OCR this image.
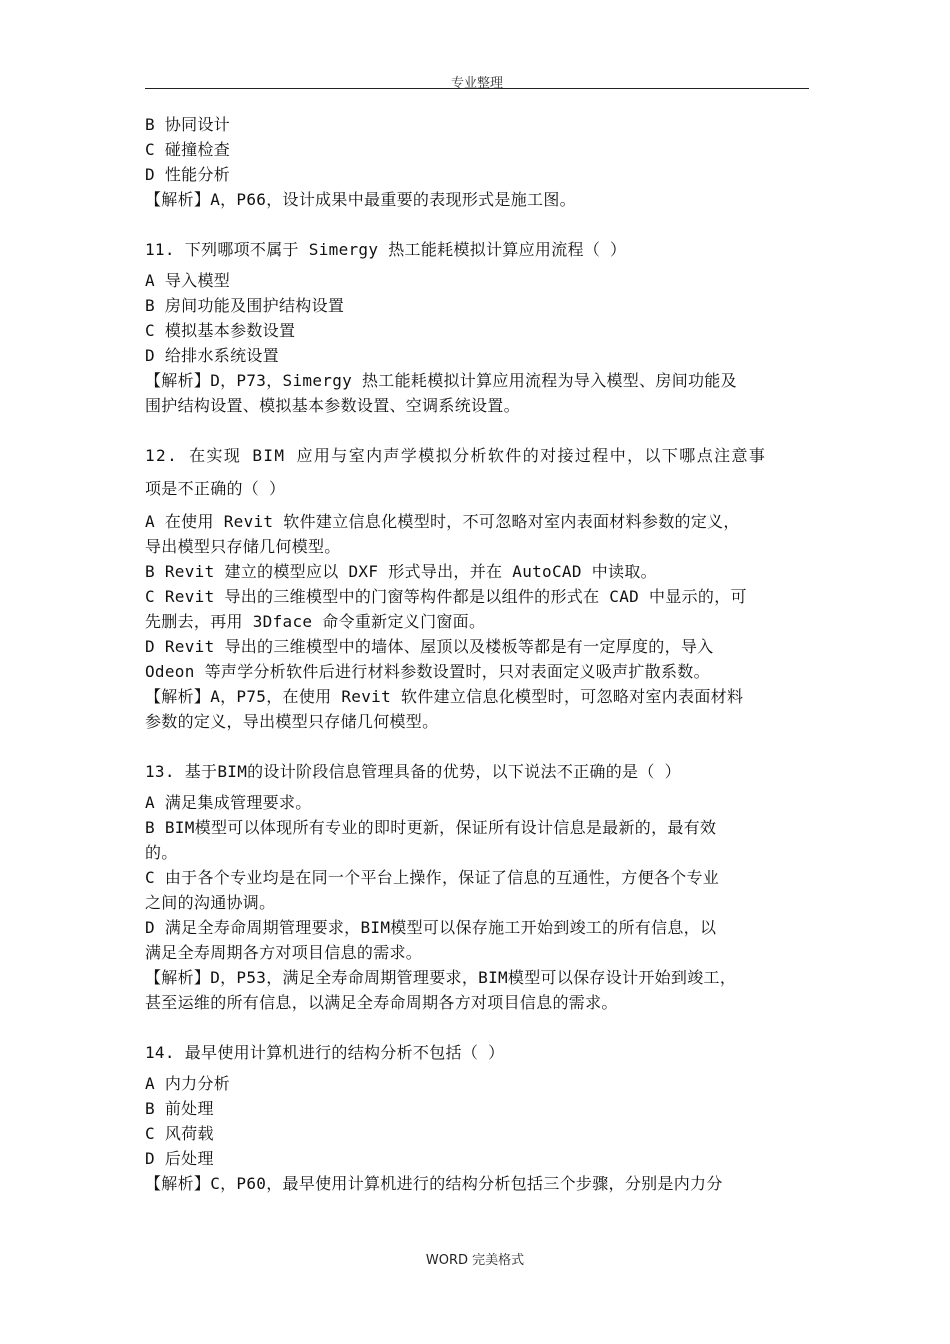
专业整理
B 协同设计
C 碰撞检查
D 性能分析
【解析】A，P66，设计成果中最重要的表现形式是施工图。
11. 下列哪项不属于 Simergy 热工能耗模拟计算应用流程（ ）
A 导入模型
B 房间功能及围护结构设置
C 模拟基本参数设置
D 给排水系统设置
【解析】D，P73，Simergy 热工能耗模拟计算应用流程为导入模型、房间功能及
围护结构设置、模拟基本参数设置、空调系统设置。
12. 在实现 BIM 应用与室内声学模拟分析软件的对接过程中，以下哪点注意事
项是不正确的（ ）
A 在使用 Revit 软件建立信息化模型时，不可忽略对室内表面材料参数的定义，
导出模型只存储几何模型。
B Revit 建立的模型应以 DXF 形式导出，并在 AutoCAD 中读取。
C Revit 导出的三维模型中的门窗等构件都是以组件的形式在 CAD 中显示的，可
先删去，再用 3Dface 命令重新定义门窗面。
D Revit 导出的三维模型中的墙体、屋顶以及楼板等都是有一定厚度的，导入
Odeon 等声学分析软件后进行材料参数设置时，只对表面定义吸声扩散系数。
【解析】A，P75，在使用 Revit 软件建立信息化模型时，可忽略对室内表面材料
参数的定义，导出模型只存储几何模型。
13. 基于BIM的设计阶段信息管理具备的优势，以下说法不正确的是（ ）
A 满足集成管理要求。
B BIM模型可以体现所有专业的即时更新，保证所有设计信息是最新的，最有效
的。
C 由于各个专业均是在同一个平台上操作，保证了信息的互通性，方便各个专业
之间的沟通协调。
D 满足全寿命周期管理要求，BIM模型可以保存施工开始到竣工的所有信息，以
满足全寿周期各方对项目信息的需求。
【解析】D，P53，满足全寿命周期管理要求，BIM模型可以保存设计开始到竣工，
甚至运维的所有信息，以满足全寿命周期各方对项目信息的需求。
14. 最早使用计算机进行的结构分析不包括（ ）
A 内力分析
B 前处理
C 风荷载
D 后处理
【解析】C，P60，最早使用计算机进行的结构分析包括三个步骤，分别是内力分
WORD 完美格式
